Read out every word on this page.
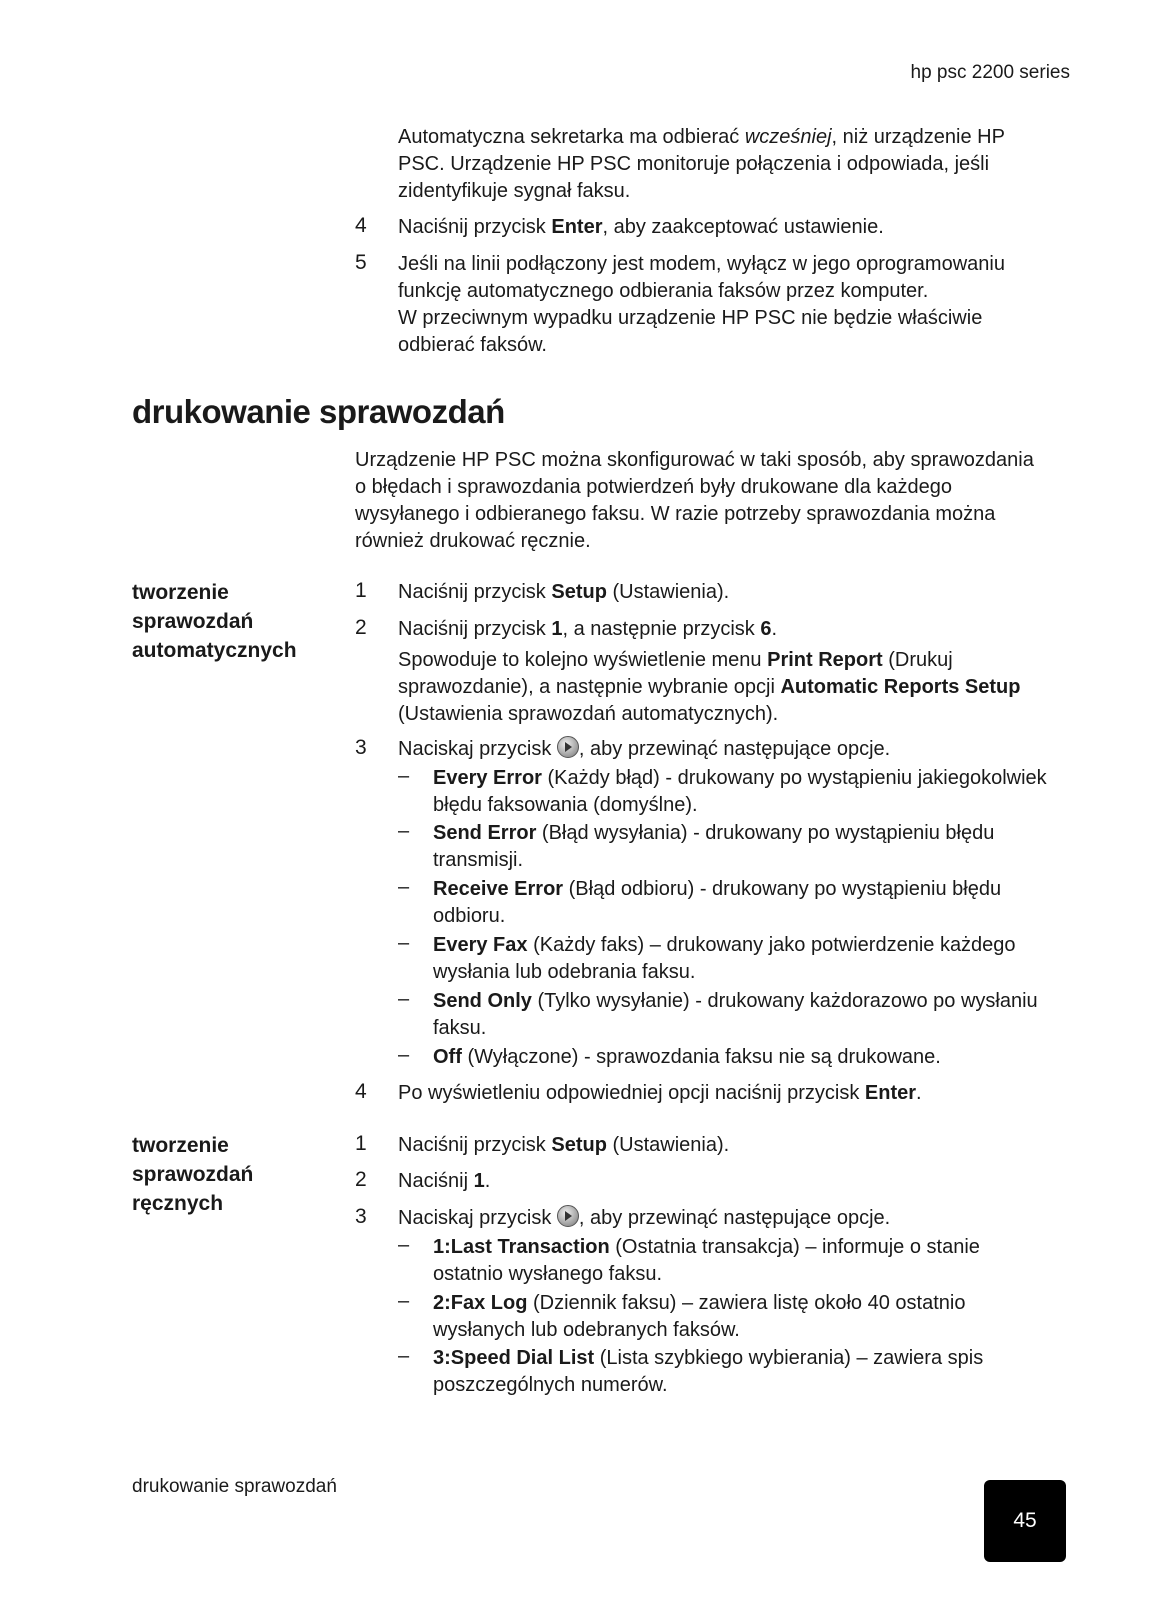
hp psc 2200 series
Automatyczna sekretarka ma odbierać wcześniej, niż urządzenie HP PSC. Urządzenie HP PSC monitoruje połączenia i odpowiada, jeśli zidentyfikuje sygnał faksu.
4	Naciśnij przycisk Enter, aby zaakceptować ustawienie.
5	Jeśli na linii podłączony jest modem, wyłącz w jego oprogramowaniu funkcję automatycznego odbierania faksów przez komputer.
W przeciwnym wypadku urządzenie HP PSC nie będzie właściwie odbierać faksów.
drukowanie sprawozdań
Urządzenie HP PSC można skonfigurować w taki sposób, aby sprawozdania o błędach i sprawozdania potwierdzeń były drukowane dla każdego wysyłanego i odbieranego faksu. W razie potrzeby sprawozdania można również drukować ręcznie.
tworzenie
sprawozdań
automatycznych
1	Naciśnij przycisk Setup (Ustawienia).
2	Naciśnij przycisk 1, a następnie przycisk 6.
Spowoduje to kolejno wyświetlenie menu Print Report (Drukuj sprawozdanie), a następnie wybranie opcji Automatic Reports Setup (Ustawienia sprawozdań automatycznych).
3	Naciskaj przycisk , aby przewinąć następujące opcje.
– Every Error (Każdy błąd) - drukowany po wystąpieniu jakiegokolwiek błędu faksowania (domyślne).
– Send Error (Błąd wysyłania) - drukowany po wystąpieniu błędu transmisji.
– Receive Error (Błąd odbioru) - drukowany po wystąpieniu błędu odbioru.
– Every Fax (Każdy faks) – drukowany jako potwierdzenie każdego wysłania lub odebrania faksu.
– Send Only (Tylko wysyłanie) - drukowany każdorazowo po wysłaniu faksu.
– Off (Wyłączone) - sprawozdania faksu nie są drukowane.
4	Po wyświetleniu odpowiedniej opcji naciśnij przycisk Enter.
tworzenie
sprawozdań
ręcznych
1	Naciśnij przycisk Setup (Ustawienia).
2	Naciśnij 1.
3	Naciskaj przycisk , aby przewinąć następujące opcje.
– 1:Last Transaction (Ostatnia transakcja) – informuje o stanie ostatnio wysłanego faksu.
– 2:Fax Log (Dziennik faksu) – zawiera listę około 40 ostatnio wysłanych lub odebranych faksów.
– 3:Speed Dial List (Lista szybkiego wybierania) – zawiera spis poszczególnych numerów.
drukowanie sprawozdań
45
